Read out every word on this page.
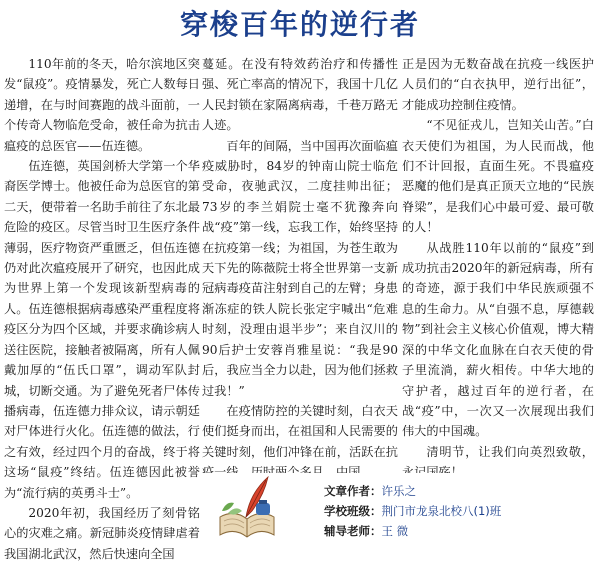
穿梭百年的逆行者

110年前的冬天，哈尔滨地区突发“鼠疫”。疫情暴发，死亡人数每日递增，在与时间赛跑的战斗面前，一个传奇人物临危受命，被任命为抗击瘟疫的总医官——伍连德。

伍连德，英国剑桥大学第一个华裔医学博士。他被任命为总医官的第二天，便带着一名助手前往了东北最危险的疫区。尽管当时卫生医疗条件薄弱，医疗物资严重匮乏，但伍连德仍对此次瘟疫展开了研究，也因此成为世界上第一个发现该新型病毒的人。伍连德根据病毒感染严重程度将疫区分为四个区域，并要求确诊病人送往医院，接触者被隔离，所有人佩戴加厚的“伍氏口罩”，调动军队封城，切断交通。为了避免死者尸体传播病毒，伍连德力排众议，请示朝廷对尸体进行火化。伍连德的做法，行之有效，经过四个月的奋战，终于将这场“鼠疫”终结。伍连德因此被誉为“流行病的英勇斗士”。

2020年初，我国经历了刻骨铭心的灾难之痛。新冠肺炎疫情肆虐着我国湖北武汉，然后快速向全国

蔓延。在没有特效药治疗和传播性强、死亡率高的情况下，我国十几亿人民封锁在家隔离病毒，千巷万路无人迹。

百年的间隔，当中国再次面临瘟疫威胁时，84岁的钟南山院士临危受命，夜驰武汉，二度挂帅出征；73岁的李兰娟院士毫不犹豫奔向战“疫”第一线，忘我工作，始终坚持在抗疫第一线；为祖国，为苍生敢为天下先的陈薇院士将全世界第一支新冠病毒疫苗注射到自己的左臂；身患渐冻症的铁人院长张定宇喊出“危难时刻，没理由退半步”；来自汉川的90后护士安蓉肖雅星说：“我是90后，我应当全力以赴，因为他们拯救过我！”

在疫情防控的关键时刻，白衣天使们挺身而出，在祖国和人民需要的关键时刻，他们冲锋在前，活跃在抗

正是因为无数奋战在抗疫一线医护人员们的“白衣执甲，逆行出征”，才能成功控制住疫情。

“不见征戎儿，岂知关山苦。”白衣天使们为祖国，为人民而战，他们不计回报，直面生死。不畏瘟疫恶魔的他们是真正顶天立地的“民族脊梁”，是我们心中最可爱、最可敬的人！

从战胜110年以前的“鼠疫”到成功抗击2020年的新冠病毒，所有的奇迹，源于我们中华民族顽强不息的生命力。从“自强不息，厚德载物”到社会主义核心价值观，博大精深的中华文化血脉在白衣天使的骨子里流淌，薪火相传。中华大地的守护者，越过百年的逆行者，在战“疫”中，一次又一次展现出我们伟大的中国魂。

清明节，让我们向英烈致敬，

文章作者：许乐之
学校班级：荆门市龙泉北校八(1)班
辅导老师：王 微
